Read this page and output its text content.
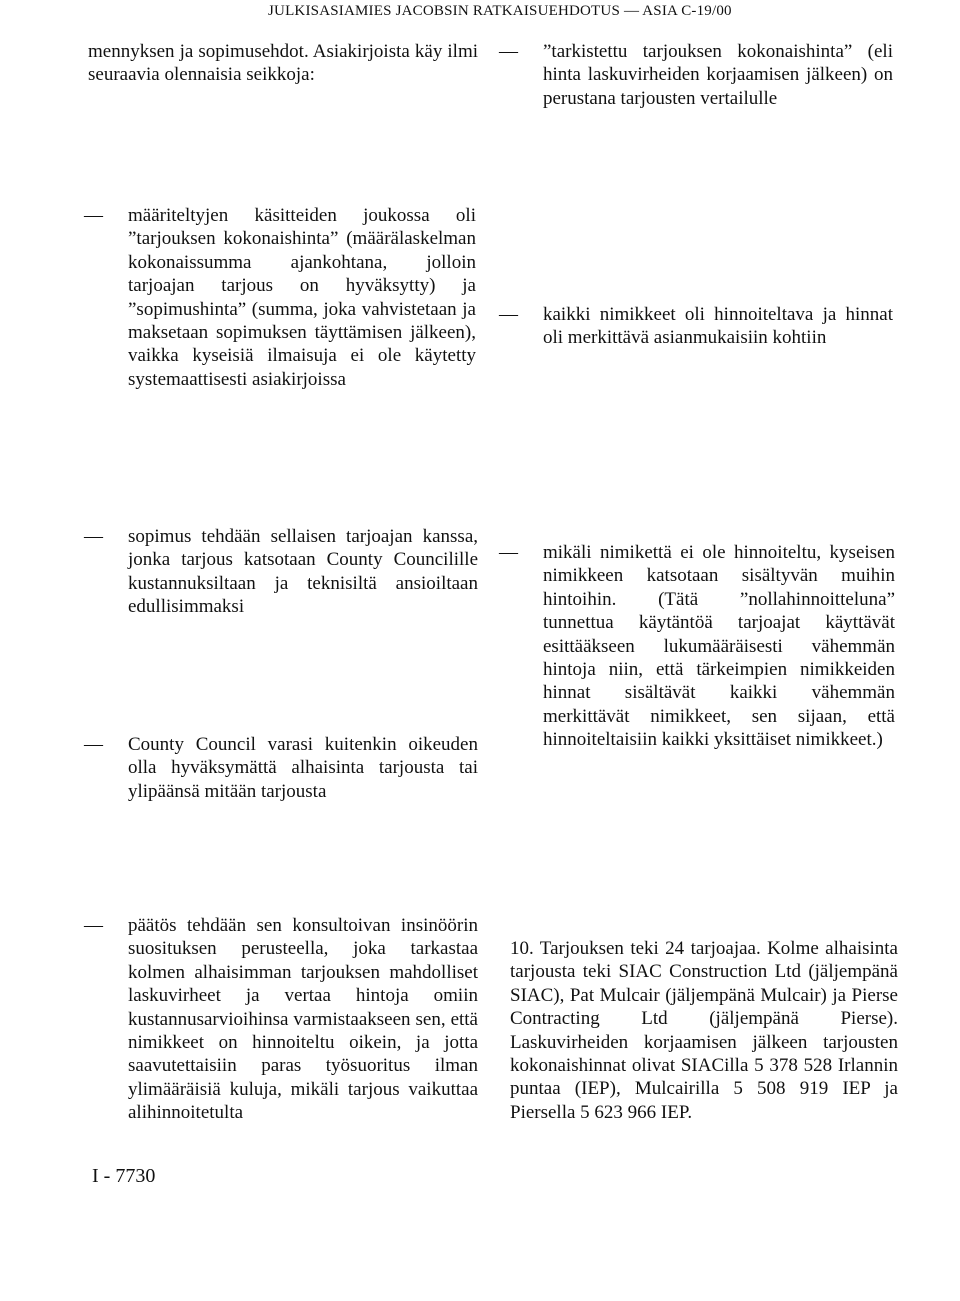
JULKISASIAMIES JACOBSIN RATKAISUEHDOTUS — ASIA C-19/00
mennyksen ja sopimusehdot. Asiakirjoista käy ilmi seuraavia olennaisia seikkoja:
— määriteltyjen käsitteiden joukossa oli ”tarjouksen kokonaishinta” (määrälaskelman kokonaissumma ajankohtana, jolloin tarjoajan tarjous on hyväksytty) ja ”sopimushinta” (summa, joka vahvistetaan ja maksetaan sopimuksen täyttämisen jälkeen), vaikka kyseisiä ilmaisuja ei ole käytetty systemaattisesti asiakirjoissa
— sopimus tehdään sellaisen tarjoajan kanssa, jonka tarjous katsotaan County Councilille kustannuksiltaan ja teknisiltä ansioiltaan edullisimmaksi
— County Council varasi kuitenkin oikeuden olla hyväksymättä alhaisinta tarjousta tai ylipäänsä mitään tarjousta
— päätös tehdään sen konsultoivan insinöörin suosituksen perusteella, joka tarkastaa kolmen alhaisimman tarjouksen mahdolliset laskuvirheet ja vertaa hintoja omiin kustannusarvioihinsa varmistaakseen sen, että nimikkeet on hinnoiteltu oikein, ja jotta saavutettaisiin paras työsuoritus ilman ylimääräisiä kuluja, mikäli tarjous vaikuttaa alihinnoitetulta
— ”tarkistettu tarjouksen kokonaishinta” (eli hinta laskuvirheiden korjaamisen jälkeen) on perustana tarjousten vertailulle
— kaikki nimikkeet oli hinnoiteltava ja hinnat oli merkittävä asianmukaisiin kohtiin
— mikäli nimikettä ei ole hinnoiteltu, kyseisen nimikkeen katsotaan sisältyvän muihin hintoihin. (Tätä ”nollahinnoitteluna” tunnettua käytäntöä tarjoajat käyttävät esittääkseen lukumääräisesti vähemmän hintoja niin, että tärkeimpien nimikkeiden hinnat sisältävät kaikki vähemmän merkittävät nimikkeet, sen sijaan, että hinnoiteltaisiin kaikki yksittäiset nimikkeet.)
10. Tarjouksen teki 24 tarjoajaa. Kolme alhaisinta tarjousta teki SIAC Construction Ltd (jäljempänä SIAC), Pat Mulcair (jäljempänä Mulcair) ja Pierse Contracting Ltd (jäljempänä Pierse). Laskuvirheiden korjaamisen jälkeen tarjousten kokonaishinnat olivat SIACilla 5 378 528 Irlannin puntaa (IEP), Mulcairilla 5 508 919 IEP ja Piersella 5 623 966 IEP.
I - 7730
